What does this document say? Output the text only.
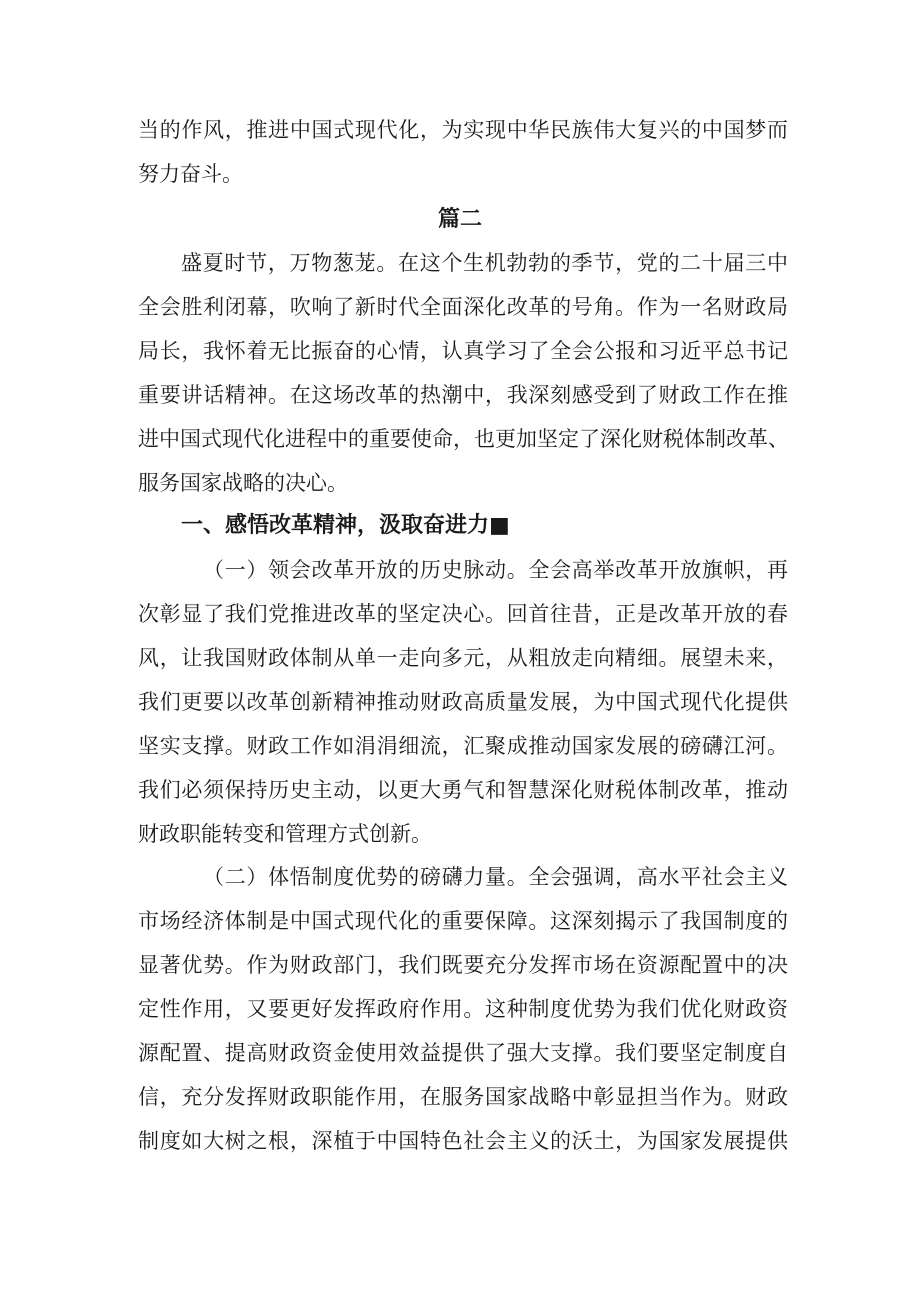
当的作风，推进中国式现代化，为实现中华民族伟大复兴的中国梦而
努力奋斗。
篇二
盛夏时节，万物葱茏。在这个生机勃勃的季节，党的二十届三中
全会胜利闭幕，吹响了新时代全面深化改革的号角。作为一名财政局
局长，我怀着无比振奋的心情，认真学习了全会公报和习近平总书记
重要讲话精神。在这场改革的热潮中，我深刻感受到了财政工作在推
进中国式现代化进程中的重要使命，也更加坚定了深化财税体制改革、
服务国家战略的决心。
一、感悟改革精神，汲取奋进力■
（一）领会改革开放的历史脉动。全会高举改革开放旗帜，再
次彰显了我们党推进改革的坚定决心。回首往昔，正是改革开放的春
风，让我国财政体制从单一走向多元，从粗放走向精细。展望未来，
我们更要以改革创新精神推动财政高质量发展，为中国式现代化提供
坚实支撑。财政工作如涓涓细流，汇聚成推动国家发展的磅礴江河。
我们必须保持历史主动，以更大勇气和智慧深化财税体制改革，推动
财政职能转变和管理方式创新。
（二）体悟制度优势的磅礴力量。全会强调，高水平社会主义
市场经济体制是中国式现代化的重要保障。这深刻揭示了我国制度的
显著优势。作为财政部门，我们既要充分发挥市场在资源配置中的决
定性作用，又要更好发挥政府作用。这种制度优势为我们优化财政资
源配置、提高财政资金使用效益提供了强大支撑。我们要坚定制度自
信，充分发挥财政职能作用，在服务国家战略中彰显担当作为。财政
制度如大树之根，深植于中国特色社会主义的沃土，为国家发展提供
